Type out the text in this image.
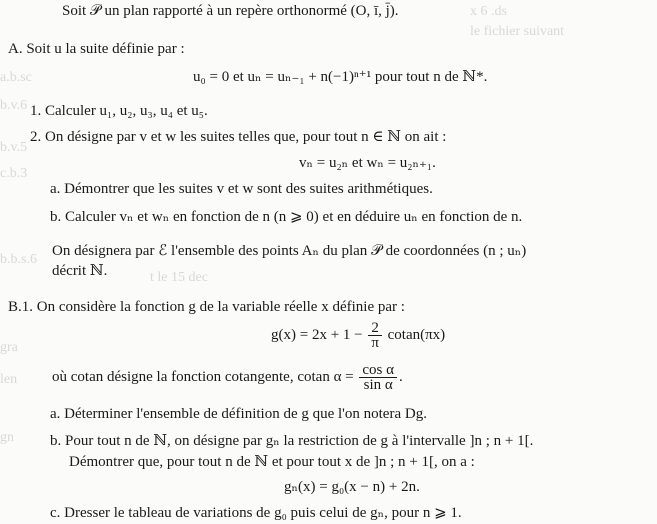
x 6 .ds
le fichier suivant
a.b.sc
b.v.6
b.v.5
c.b.3
b.b.s.6
t le 15 dec
gra
len
gn
Soit 𝒫 un plan rapporté à un repère orthonormé (O, ī, j̄).
A. Soit u la suite définie par :
u₀ = 0 et uₙ = uₙ₋₁ + n(−1)ⁿ⁺¹ pour tout n de ℕ*.
1. Calculer u₁, u₂, u₃, u₄ et u₅.
2. On désigne par v et w les suites telles que, pour tout n ∈ ℕ on ait :
vₙ = u₂ₙ et wₙ = u₂ₙ₊₁.
a. Démontrer que les suites v et w sont des suites arithmétiques.
b. Calculer vₙ et wₙ en fonction de n (n ⩾ 0) et en déduire uₙ en fonction de n.
On désignera par ℰ l'ensemble des points Aₙ du plan 𝒫 de coordonnées (n ; uₙ)
décrit ℕ.
B.1. On considère la fonction g de la variable réelle x définie par :
$g(x) = 2x + 1 - \frac{2}{\pi} cotan(\pi x)$
où cotan désigne la fonction cotangente, cotan $\alpha = \frac{\text{cos α}}{\text{sin α}}$ .
a. Déterminer l'ensemble de définition de g que l'on notera Dg.
b. Pour tout n de ℕ, on désigne par gₙ la restriction de g à l'intervalle ]n ; n + 1[.
Démontrer que, pour tout n de ℕ et pour tout x de ]n ; n + 1[, on a :
gₙ(x) = g₀(x − n) + 2n.
c. Dresser le tableau de variations de g₀ puis celui de gₙ, pour n ⩾ 1.
